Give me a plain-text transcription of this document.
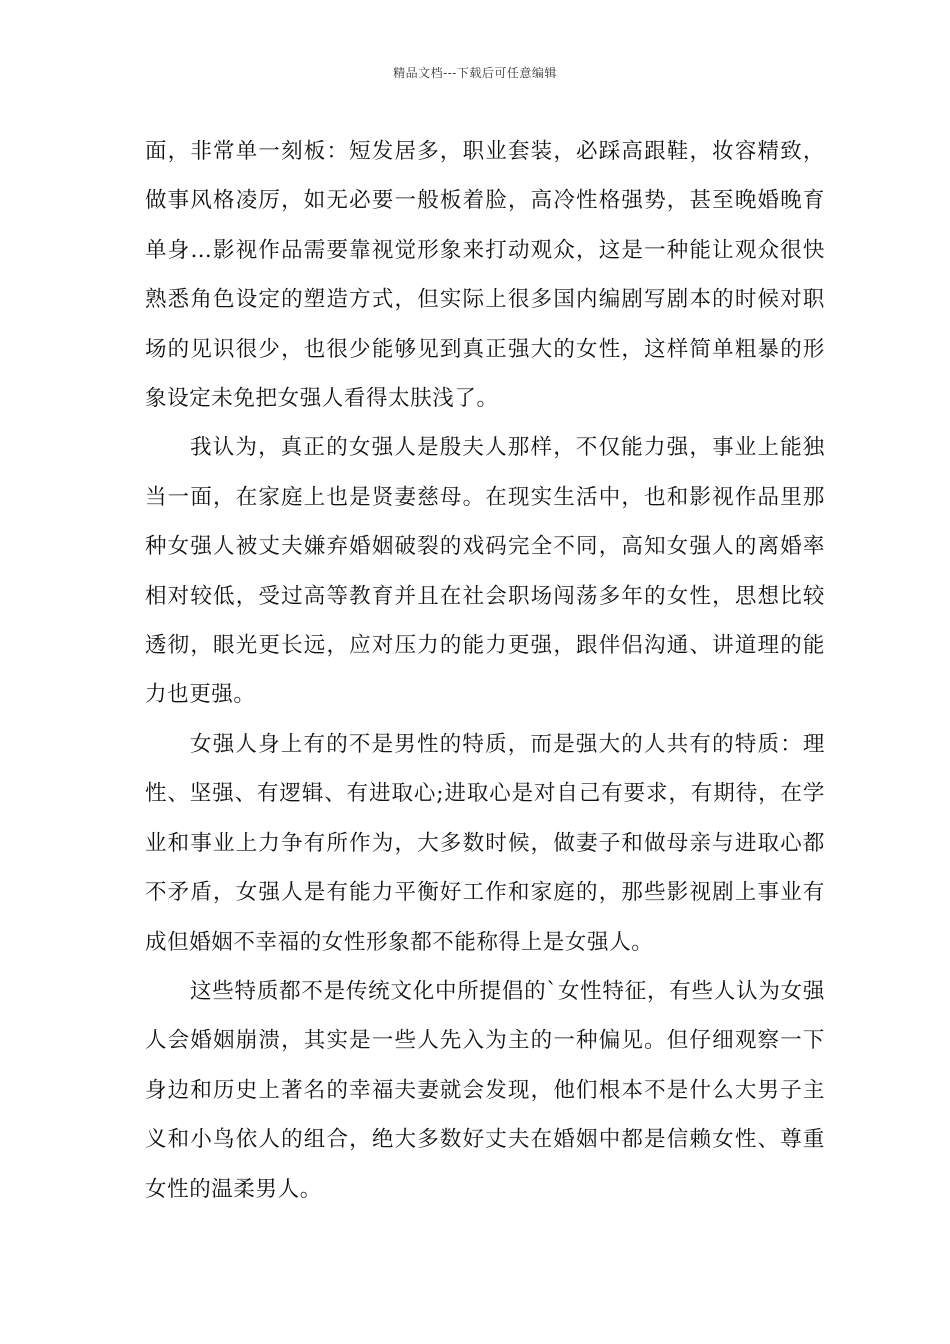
精品文档---下载后可任意编辑

面，非常单一刻板：短发居多，职业套装，必踩高跟鞋，妆容精致，做事风格凌厉，如无必要一般板着脸，高冷性格强势，甚至晚婚晚育单身…影视作品需要靠视觉形象来打动观众，这是一种能让观众很快熟悉角色设定的塑造方式，但实际上很多国内编剧写剧本的时候对职场的见识很少，也很少能够见到真正强大的女性，这样简单粗暴的形象设定未免把女强人看得太肤浅了。

我认为，真正的女强人是殷夫人那样，不仅能力强，事业上能独当一面，在家庭上也是贤妻慈母。在现实生活中，也和影视作品里那种女强人被丈夫嫌弃婚姻破裂的戏码完全不同，高知女强人的离婚率相对较低，受过高等教育并且在社会职场闯荡多年的女性，思想比较透彻，眼光更长远，应对压力的能力更强，跟伴侣沟通、讲道理的能力也更强。

女强人身上有的不是男性的特质，而是强大的人共有的特质：理性、坚强、有逻辑、有进取心;进取心是对自己有要求，有期待，在学业和事业上力争有所作为，大多数时候，做妻子和做母亲与进取心都不矛盾，女强人是有能力平衡好工作和家庭的，那些影视剧上事业有成但婚姻不幸福的女性形象都不能称得上是女强人。

这些特质都不是传统文化中所提倡的`女性特征，有些人认为女强人会婚姻崩溃，其实是一些人先入为主的一种偏见。但仔细观察一下身边和历史上著名的幸福夫妻就会发现，他们根本不是什么大男子主义和小鸟依人的组合，绝大多数好丈夫在婚姻中都是信赖女性、尊重女性的温柔男人。
